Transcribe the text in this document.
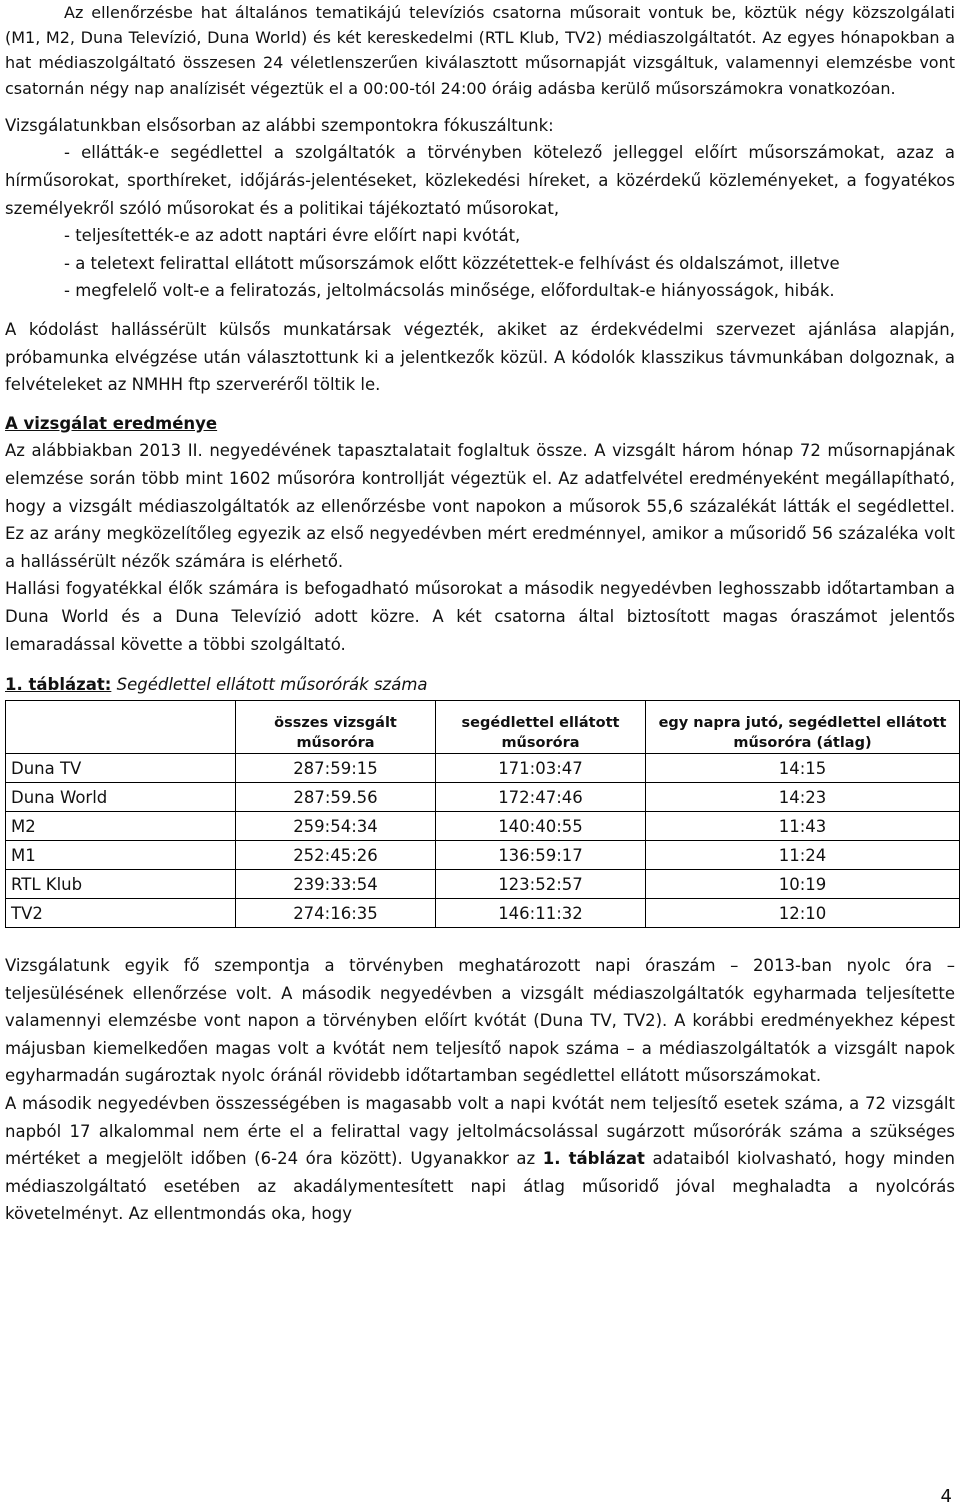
Az ellenőrzésbe hat általános tematikájú televíziós csatorna műsorait vontuk be, köztük négy közszolgálati (M1, M2, Duna Televízió, Duna World) és két kereskedelmi (RTL Klub, TV2) médiaszolgáltatót. Az egyes hónapokban a hat médiaszolgáltató összesen 24 véletlenszerűen kiválasztott műsornapját vizsgáltuk, valamennyi elemzésbe vont csatornán négy nap analízisét végeztük el a 00:00-tól 24:00 óráig adásba kerülő műsorszámokra vonatkozóan.

Vizsgálatunkban elsősorban az alábbi szempontokra fókuszáltunk:

- ellátták-e segédlettel a szolgáltatók a törvényben kötelező jelleggel előírt műsorszámokat, azaz a hírműsorokat, sporthíreket, időjárás-jelentéseket, közlekedési híreket, a közérdekű közleményeket, a fogyatékos személyekről szóló műsorokat és a politikai tájékoztató műsorokat,

- teljesítették-e az adott naptári évre előírt napi kvótát,

- a teletext felirattal ellátott műsorszámok előtt közzétettek-e felhívást és oldalszámot, illetve

- megfelelő volt-e a feliratozás, jeltolmácsolás minősége, előfordultak-e hiányosságok, hibák.

A kódolást hallássérült külsős munkatársak végezték, akiket az érdekvédelmi szervezet ajánlása alapján, próbamunka elvégzése után választottunk ki a jelentkezők közül. A kódolók klasszikus távmunkában dolgoznak, a felvételeket az NMHH ftp szerveréről töltik le.

A vizsgálat eredménye

Az alábbiakban 2013 II. negyedévének tapasztalatait foglaltuk össze. A vizsgált három hónap 72 műsornapjának elemzése során több mint 1602 műsoróra kontrollját végeztük el. Az adatfelvétel eredményeként megállapítható, hogy a vizsgált médiaszolgáltatók az ellenőrzésbe vont napokon a műsorok 55,6 százalékát látták el segédlettel. Ez az arány megközelítőleg egyezik az első negyedévben mért eredménnyel, amikor a műsoridő 56 százaléka volt a hallássérült nézők számára is elérhető.

Hallási fogyatékkal élők számára is befogadható műsorokat a második negyedévben leghosszabb időtartamban a Duna World és a Duna Televízió adott közre. A két csatorna által biztosított magas óraszámot jelentős lemaradással követte a többi szolgáltató.

1. táblázat: Segédlettel ellátott műsorórák száma

	összes vizsgált műsoróra	segédlettel ellátott műsoróra	egy napra jutó, segédlettel ellátott műsoróra (átlag)
Duna TV	287:59:15	171:03:47	14:15
Duna World	287:59.56	172:47:46	14:23
M2	259:54:34	140:40:55	11:43
M1	252:45:26	136:59:17	11:24
RTL Klub	239:33:54	123:52:57	10:19
TV2	274:16:35	146:11:32	12:10

Vizsgálatunk egyik fő szempontja a törvényben meghatározott napi óraszám – 2013-ban nyolc óra – teljesülésének ellenőrzése volt. A második negyedévben a vizsgált médiaszolgáltatók egyharmada teljesítette valamennyi elemzésbe vont napon a törvényben előírt kvótát (Duna TV, TV2). A korábbi eredményekhez képest májusban kiemelkedően magas volt a kvótát nem teljesítő napok száma – a médiaszolgáltatók a vizsgált napok egyharmadán sugároztak nyolc óránál rövidebb időtartamban segédlettel ellátott műsorszámokat.

A második negyedévben összességében is magasabb volt a napi kvótát nem teljesítő esetek száma, a 72 vizsgált napból 17 alkalommal nem érte el a felirattal vagy jeltolmácsolással sugárzott műsorórák száma a szükséges mértéket a megjelölt időben (6-24 óra között). Ugyanakkor az 1. táblázat adataiból kiolvasható, hogy minden médiaszolgáltató esetében az akadálymentesített napi átlag műsoridő jóval meghaladta a nyolcórás követelményt. Az ellentmondás oka, hogy

4
